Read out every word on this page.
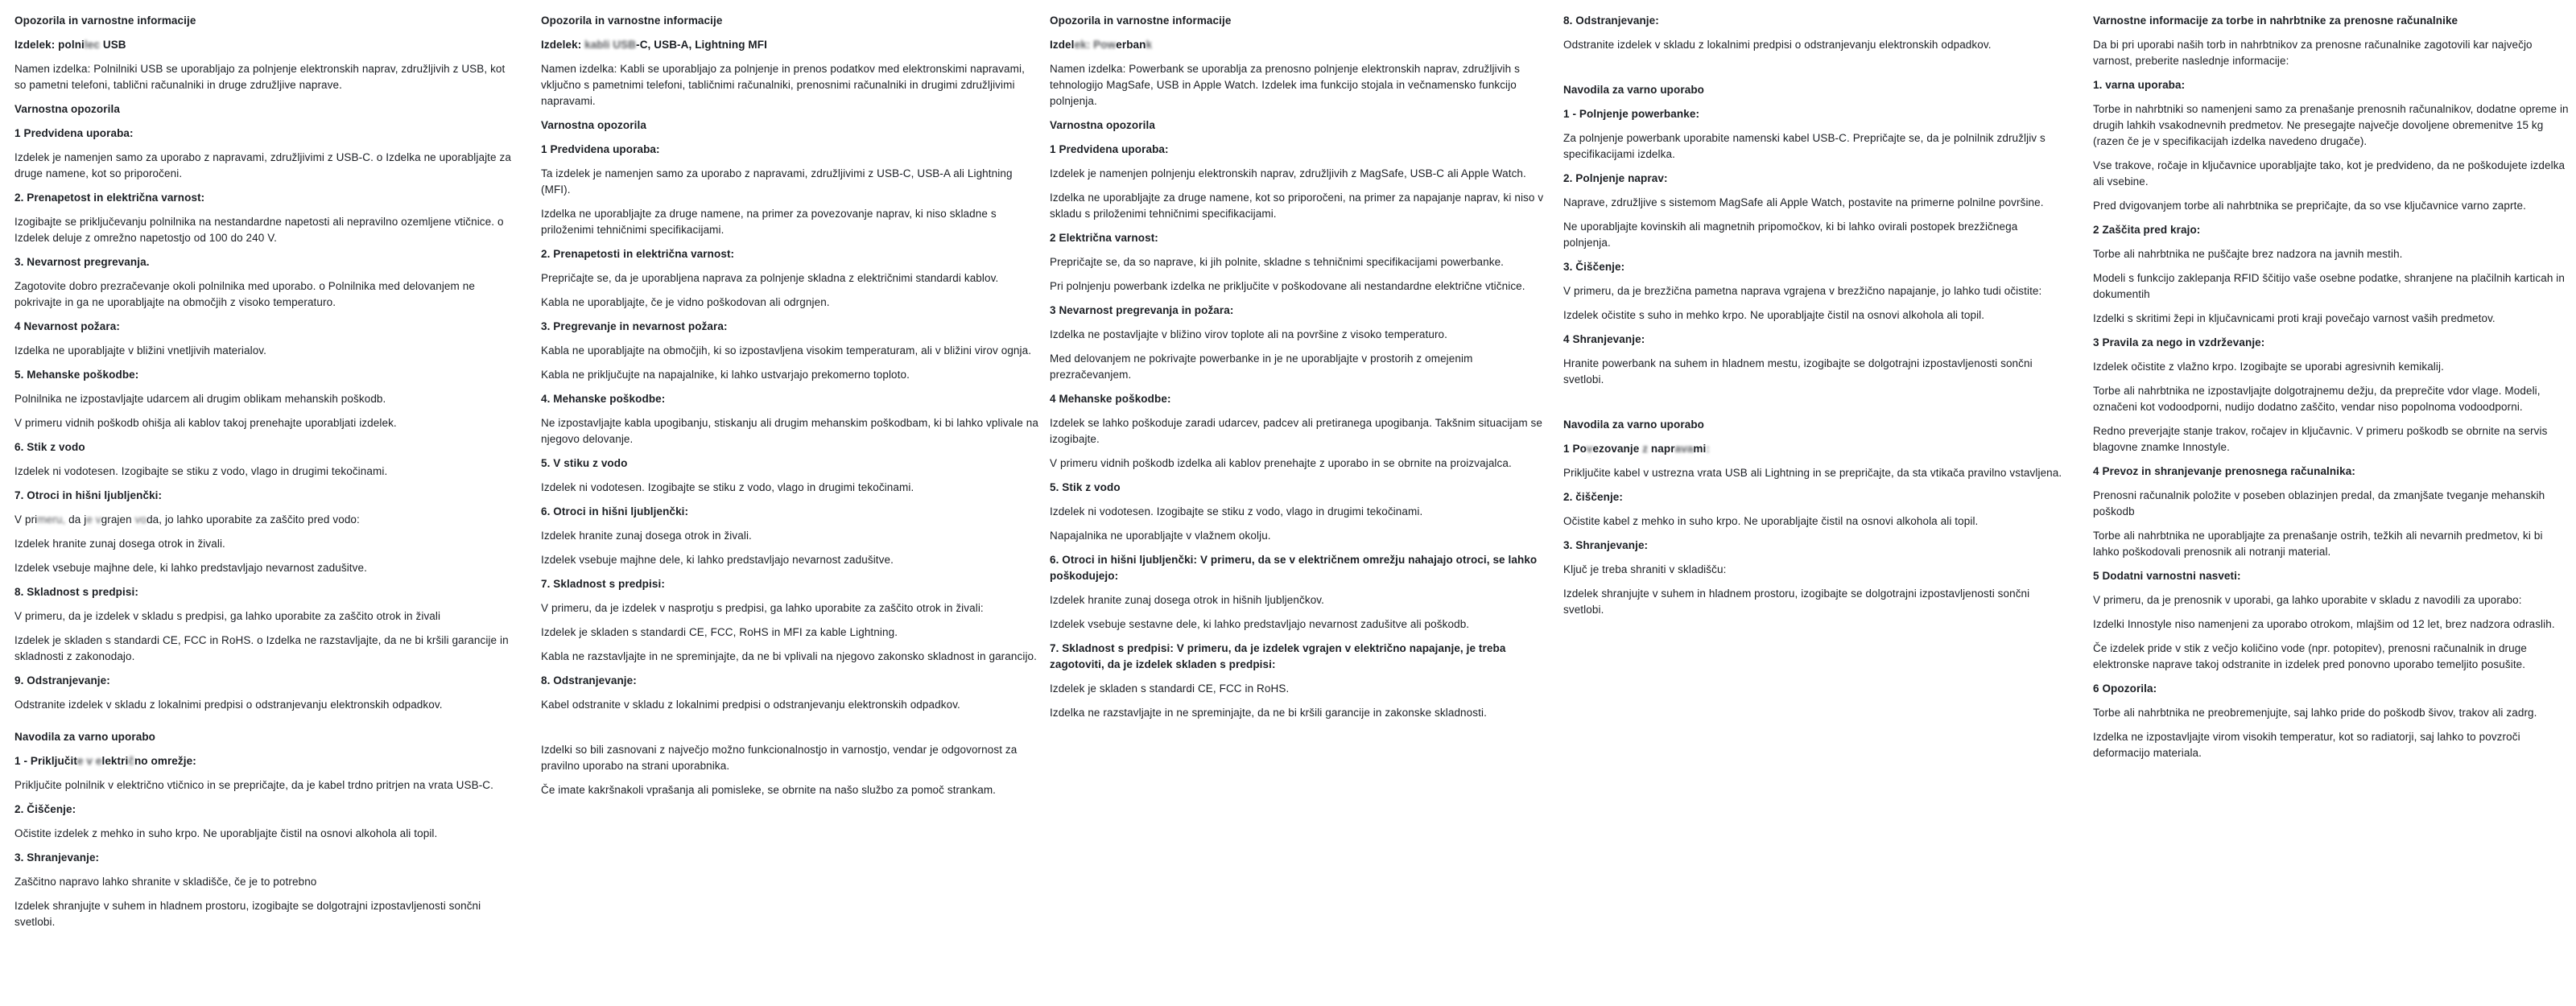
Opozorila in varnostne informacije
Izdelek: polnilec USB
Namen izdelka: Polnilniki USB se uporabljajo za polnjenje elektronskih naprav, združljivih z USB, kot so pametni telefoni, tablični računalniki in druge združljive naprave.
Varnostna opozorila
1 Predvidena uporaba:
Izdelek je namenjen samo za uporabo z napravami, združljivimi z USB-C. o Izdelka ne uporabljajte za druge namene, kot so priporočeni.
2. Prenapetost in električna varnost:
Izogibajte se priključevanju polnilnika na nestandardne napetosti ali nepravilno ozemljene vtičnice. o Izdelek deluje z omrežno napetostjo od 100 do 240 V.
3. Nevarnost pregrevanja.
Zagotovite dobro prezračevanje okoli polnilnika med uporabo. o Polnilnika med delovanjem ne pokrivajte in ga ne uporabljajte na območjih z visoko temperaturo.
4 Nevarnost požara:
Izdelka ne uporabljajte v bližini vnetljivih materialov.
5. Mehanske poškodbe:
Polnilnika ne izpostavljajte udarcem ali drugim oblikam mehanskih poškodb.
V primeru vidnih poškodb ohišja ali kablov takoj prenehajte uporabljati izdelek.
6. Stik z vodo
Izdelek ni vodotesen. Izogibajte se stiku z vodo, vlago in drugimi tekočinami.
7. Otroci in hišni ljubljenčki:
V primeru, da je vgrajen voda, jo lahko uporabite za zaščito pred vodo:
Izdelek hranite zunaj dosega otrok in živali.
Izdelek vsebuje majhne dele, ki lahko predstavljajo nevarnost zadušitve.
8. Skladnost s predpisi:
V primeru, da je izdelek v skladu s predpisi, ga lahko uporabite za zaščito otrok in živali
Izdelek je skladen s standardi CE, FCC in RoHS. o Izdelka ne razstavljajte, da ne bi kršili garancije in skladnosti z zakonodajo.
9. Odstranjevanje:
Odstranite izdelek v skladu z lokalnimi predpisi o odstranjevanju elektronskih odpadkov.
Navodila za varno uporabo
1 - Priključite v električno omrežje:
Priključite polnilnik v električno vtičnico in se prepričajte, da je kabel trdno pritrjen na vrata USB-C.
2. Čiščenje:
Očistite izdelek z mehko in suho krpo. Ne uporabljajte čistil na osnovi alkohola ali topil.
3. Shranjevanje:
Zaščitno napravo lahko shranite v skladišče, če je to potrebno
Izdelek shranjujte v suhem in hladnem prostoru, izogibajte se dolgotrajni izpostavljenosti sončni svetlobi.
Opozorila in varnostne informacije
Izdelek: kabli USB-C, USB-A, Lightning MFI
Namen izdelka: Kabli se uporabljajo za polnjenje in prenos podatkov med elektronskimi napravami, vključno s pametnimi telefoni, tabličnimi računalniki, prenosnimi računalniki in drugimi združljivimi napravami.
Varnostna opozorila
1 Predvidena uporaba:
Ta izdelek je namenjen samo za uporabo z napravami, združljivimi z USB-C, USB-A ali Lightning (MFI).
Izdelka ne uporabljajte za druge namene, na primer za povezovanje naprav, ki niso skladne s priloženimi tehničnimi specifikacijami.
2. Prenapetosti in električna varnost:
Prepričajte se, da je uporabljena naprava za polnjenje skladna z električnimi standardi kablov.
Kabla ne uporabljajte, če je vidno poškodovan ali odrgnjen.
3. Pregrevanje in nevarnost požara:
Kabla ne uporabljajte na območjih, ki so izpostavljena visokim temperaturam, ali v bližini virov ognja.
Kabla ne priključujte na napajalnike, ki lahko ustvarjajo prekomerno toploto.
4. Mehanske poškodbe:
Ne izpostavljajte kabla upogibanju, stiskanju ali drugim mehanskim poškodbam, ki bi lahko vplivale na njegovo delovanje.
5. V stiku z vodo
Izdelek ni vodotesen. Izogibajte se stiku z vodo, vlago in drugimi tekočinami.
6. Otroci in hišni ljubljenčki:
Izdelek hranite zunaj dosega otrok in živali.
Izdelek vsebuje majhne dele, ki lahko predstavljajo nevarnost zadušitve.
7. Skladnost s predpisi:
V primeru, da je izdelek v nasprotju s predpisi, ga lahko uporabite za zaščito otrok in živali:
Izdelek je skladen s standardi CE, FCC, RoHS in MFI za kable Lightning.
Kabla ne razstavljajte in ne spreminjajte, da ne bi vplivali na njegovo zakonsko skladnost in garancijo.
8. Odstranjevanje:
Kabel odstranite v skladu z lokalnimi predpisi o odstranjevanju elektronskih odpadkov.
Izdelki so bili zasnovani z največjo možno funkcionalnostjo in varnostjo, vendar je odgovornost za pravilno uporabo na strani uporabnika.
Če imate kakršnakoli vprašanja ali pomisleke, se obrnite na našo službo za pomoč strankam.
Opozorila in varnostne informacije
Izdelek: Powerbank
Namen izdelka: Powerbank se uporablja za prenosno polnjenje elektronskih naprav, združljivih s tehnologijo MagSafe, USB in Apple Watch. Izdelek ima funkcijo stojala in večnamensko funkcijo polnjenja.
Varnostna opozorila
1 Predvidena uporaba:
Izdelek je namenjen polnjenju elektronskih naprav, združljivih z MagSafe, USB-C ali Apple Watch.
Izdelka ne uporabljajte za druge namene, kot so priporočeni, na primer za napajanje naprav, ki niso v skladu s priloženimi tehničnimi specifikacijami.
2 Električna varnost:
Prepričajte se, da so naprave, ki jih polnite, skladne s tehničnimi specifikacijami powerbanke.
Pri polnjenju powerbank izdelka ne priključite v poškodovane ali nestandardne električne vtičnice.
3 Nevarnost pregrevanja in požara:
Izdelka ne postavljajte v bližino virov toplote ali na površine z visoko temperaturo.
Med delovanjem ne pokrivajte powerbanke in je ne uporabljajte v prostorih z omejenim prezračevanjem.
4 Mehanske poškodbe:
Izdelek se lahko poškoduje zaradi udarcev, padcev ali pretiranega upogibanja. Takšnim situacijam se izogibajte.
V primeru vidnih poškodb izdelka ali kablov prenehajte z uporabo in se obrnite na proizvajalca.
5. Stik z vodo
Izdelek ni vodotesen. Izogibajte se stiku z vodo, vlago in drugimi tekočinami.
Napajalnika ne uporabljajte v vlažnem okolju.
6. Otroci in hišni ljubljenčki: V primeru, da se v električnem omrežju nahajajo otroci, se lahko poškodujejo:
Izdelek hranite zunaj dosega otrok in hišnih ljubljenčkov.
Izdelek vsebuje sestavne dele, ki lahko predstavljajo nevarnost zadušitve ali poškodb.
7. Skladnost s predpisi: V primeru, da je izdelek vgrajen v električno napajanje, je treba zagotoviti, da je izdelek skladen s predpisi:
Izdelek je skladen s standardi CE, FCC in RoHS.
Izdelka ne razstavljajte in ne spreminjajte, da ne bi kršili garancije in zakonske skladnosti.
8. Odstranjevanje:
Odstranite izdelek v skladu z lokalnimi predpisi o odstranjevanju elektronskih odpadkov.
Navodila za varno uporabo
1 - Polnjenje powerbanke:
Za polnjenje powerbank uporabite namenski kabel USB-C. Prepričajte se, da je polnilnik združljiv s specifikacijami izdelka.
2. Polnjenje naprav:
Naprave, združljive s sistemom MagSafe ali Apple Watch, postavite na primerne polnilne površine.
Ne uporabljajte kovinskih ali magnetnih pripomočkov, ki bi lahko ovirali postopek brezžičnega polnjenja.
3. Čiščenje:
V primeru, da je brezžična pametna naprava vgrajena v brezžično napajanje, jo lahko tudi očistite:
Izdelek očistite s suho in mehko krpo. Ne uporabljajte čistil na osnovi alkohola ali topil.
4 Shranjevanje:
Hranite powerbank na suhem in hladnem mestu, izogibajte se dolgotrajni izpostavljenosti sončni svetlobi.
Navodila za varno uporabo
1 Povezovanje z napravami:
Priključite kabel v ustrezna vrata USB ali Lightning in se prepričajte, da sta vtikača pravilno vstavljena.
2. čiščenje:
Očistite kabel z mehko in suho krpo. Ne uporabljajte čistil na osnovi alkohola ali topil.
3. Shranjevanje:
Ključ je treba shraniti v skladišču:
Izdelek shranjujte v suhem in hladnem prostoru, izogibajte se dolgotrajni izpostavljenosti sončni svetlobi.
Varnostne informacije za torbe in nahrbtnike za prenosne računalnike
Da bi pri uporabi naših torb in nahrbtnikov za prenosne računalnike zagotovili kar največjo varnost, preberite naslednje informacije:
1. varna uporaba:
Torbe in nahrbtniki so namenjeni samo za prenašanje prenosnih računalnikov, dodatne opreme in drugih lahkih vsakodnevnih predmetov. Ne presegajte največje dovoljene obremenitve 15 kg (razen če je v specifikacijah izdelka navedeno drugače).
Vse trakove, ročaje in ključavnice uporabljajte tako, kot je predvideno, da ne poškodujete izdelka ali vsebine.
Pred dvigovanjem torbe ali nahrbtnika se prepričajte, da so vse ključavnice varno zaprte.
2 Zaščita pred krajo:
Torbe ali nahrbtnika ne puščajte brez nadzora na javnih mestih.
Modeli s funkcijo zaklepanja RFID ščitijo vaše osebne podatke, shranjene na plačilnih karticah in dokumentih
Izdelki s skritimi žepi in ključavnicami proti kraji povečajo varnost vaših predmetov.
3 Pravila za nego in vzdrževanje:
Izdelek očistite z vlažno krpo. Izogibajte se uporabi agresivnih kemikalij.
Torbe ali nahrbtnika ne izpostavljajte dolgotrajnemu dežju, da preprečite vdor vlage. Modeli, označeni kot vodoodporni, nudijo dodatno zaščito, vendar niso popolnoma vodoodporni.
Redno preverjajte stanje trakov, ročajev in ključavnic. V primeru poškodb se obrnite na servis blagovne znamke Innostyle.
4 Prevoz in shranjevanje prenosnega računalnika:
Prenosni računalnik položite v poseben oblazinjen predal, da zmanjšate tveganje mehanskih poškodb
Torbe ali nahrbtnika ne uporabljajte za prenašanje ostrih, težkih ali nevarnih predmetov, ki bi lahko poškodovali prenosnik ali notranji material.
5 Dodatni varnostni nasveti:
V primeru, da je prenosnik v uporabi, ga lahko uporabite v skladu z navodili za uporabo:
Izdelki Innostyle niso namenjeni za uporabo otrokom, mlajšim od 12 let, brez nadzora odraslih.
Če izdelek pride v stik z večjo količino vode (npr. potopitev), prenosni računalnik in druge elektronske naprave takoj odstranite in izdelek pred ponovno uporabo temeljito posušite.
6 Opozorila:
Torbe ali nahrbtnika ne preobremenjujte, saj lahko pride do poškodb šivov, trakov ali zadrg.
Izdelka ne izpostavljajte virom visokih temperatur, kot so radiatorji, saj lahko to povzroči deformacijo materiala.
